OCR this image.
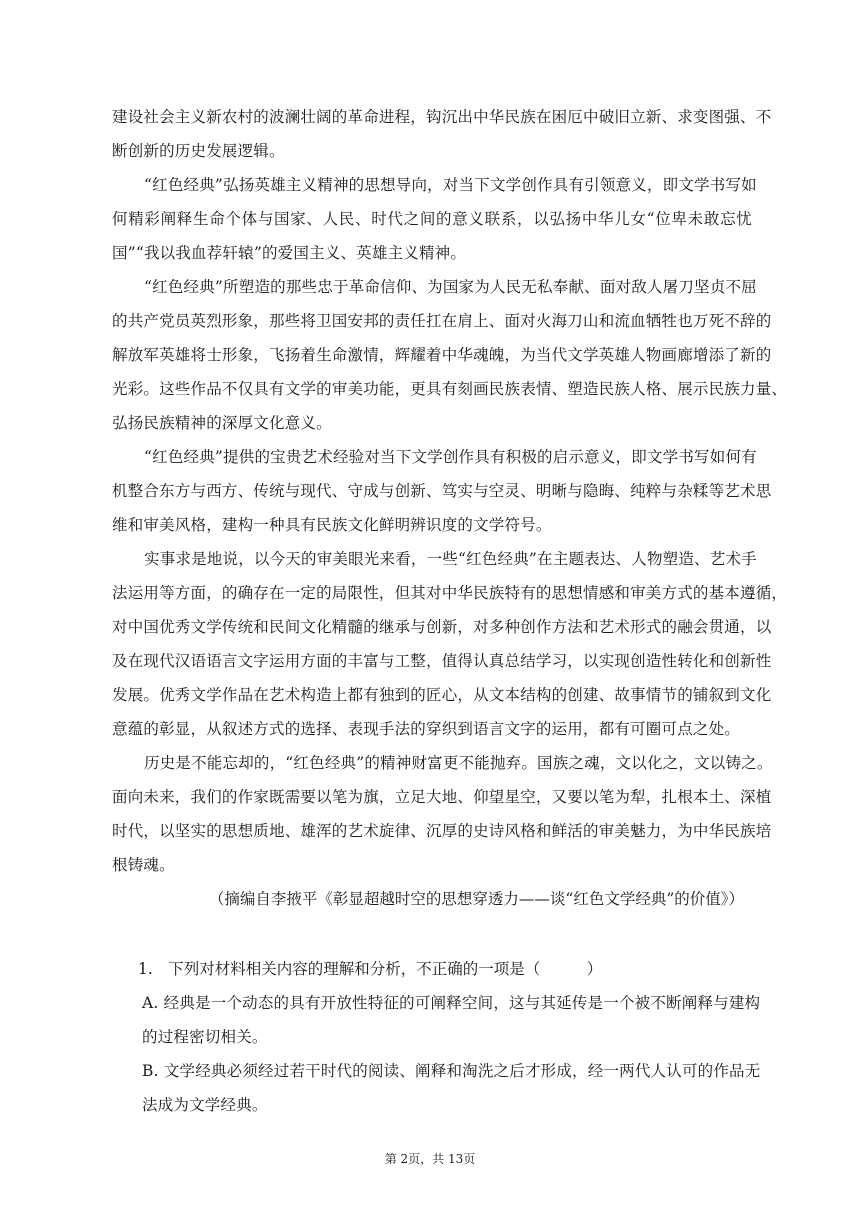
建设社会主义新农村的波澜壮阔的革命进程，钩沉出中华民族在困厄中破旧立新、求变图强、不
断创新的历史发展逻辑。
“红色经典”弘扬英雄主义精神的思想导向，对当下文学创作具有引领意义，即文学书写如
何精彩阐释生命个体与国家、人民、时代之间的意义联系，以弘扬中华儿女“位卑未敢忘忧
国”“我以我血荐轩辕”的爱国主义、英雄主义精神。
“红色经典”所塑造的那些忠于革命信仰、为国家为人民无私奉献、面对敌人屠刀坚贞不屈
的共产党员英烈形象，那些将卫国安邦的责任扛在肩上、面对火海刀山和流血牺牲也万死不辞的
解放军英雄将士形象，飞扬着生命激情，辉耀着中华魂魄，为当代文学英雄人物画廊增添了新的
光彩。这些作品不仅具有文学的审美功能，更具有刻画民族表情、塑造民族人格、展示民族力量、
弘扬民族精神的深厚文化意义。
“红色经典”提供的宝贵艺术经验对当下文学创作具有积极的启示意义，即文学书写如何有
机整合东方与西方、传统与现代、守成与创新、笃实与空灵、明晰与隐晦、纯粹与杂糅等艺术思
维和审美风格，建构一种具有民族文化鲜明辨识度的文学符号。
实事求是地说，以今天的审美眼光来看，一些“红色经典”在主题表达、人物塑造、艺术手
法运用等方面，的确存在一定的局限性，但其对中华民族特有的思想情感和审美方式的基本遵循，
对中国优秀文学传统和民间文化精髓的继承与创新，对多种创作方法和艺术形式的融会贯通，以
及在现代汉语语言文字运用方面的丰富与工整，值得认真总结学习，以实现创造性转化和创新性
发展。优秀文学作品在艺术构造上都有独到的匠心，从文本结构的创建、故事情节的铺叙到文化
意蕴的彰显，从叙述方式的选择、表现手法的穿织到语言文字的运用，都有可圈可点之处。
历史是不能忘却的，“红色经典”的精神财富更不能抛弃。国族之魂，文以化之，文以铸之。
面向未来，我们的作家既需要以笔为旗，立足大地、仰望星空，又要以笔为犁，扎根本土、深植
时代，以坚实的思想质地、雄浑的艺术旋律、沉厚的史诗风格和鲜活的审美魅力，为中华民族培
根铸魂。
（摘编自李掖平《彰显超越时空的思想穿透力——谈“红色文学经典”的价值》）
1.　下列对材料相关内容的理解和分析，不正确的一项是（　　　）
A. 经典是一个动态的具有开放性特征的可阐释空间，这与其延传是一个被不断阐释与建构
的过程密切相关。
B. 文学经典必须经过若干时代的阅读、阐释和淘洗之后才形成，经一两代人认可的作品无
法成为文学经典。
第 2页，共 13页
